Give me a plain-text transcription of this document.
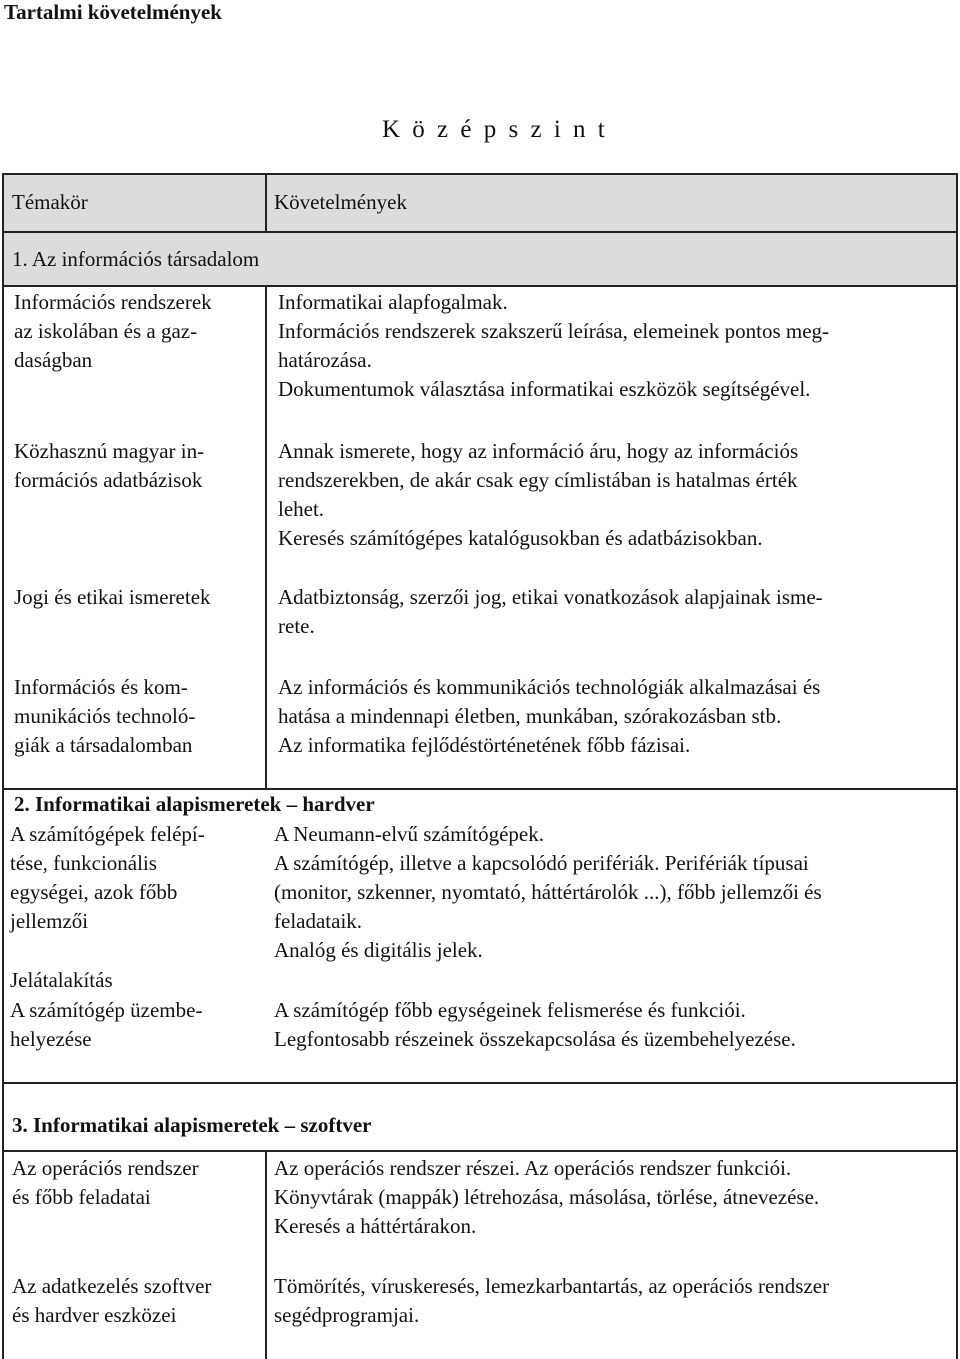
Tartalmi követelmények
K ö z é p s z i n t
Témakör	Követelmények
1. Az információs társadalom
Információs rendszerek
az iskolában és a gaz-
daságban
Informatikai alapfogalmak.
Információs rendszerek szakszerű leírása, elemeinek pontos meg-
határozása.
Dokumentumok választása informatikai eszközök segítségével.
Közhasznú magyar in-
formációs adatbázisok
Annak ismerete, hogy az információ áru, hogy az információs
rendszerekben, de akár csak egy címlistában is hatalmas érték
lehet.
Keresés számítógépes katalógusokban és adatbázisokban.
Jogi és etikai ismeretek	Adatbiztonság, szerzői jog, etikai vonatkozások alapjainak isme-
rete.
Információs és kom-
munikációs technoló-
giák a társadalomban
Az információs és kommunikációs technológiák alkalmazásai és
hatása a mindennapi életben, munkában, szórakozásban stb.
Az informatika fejlődéstörténetének főbb fázisai.
2. Informatikai alapismeretek – hardver
A számítógépek felépí-
tése, funkcionális
egységei, azok főbb
jellemzői
A Neumann-elvű számítógépek.
A számítógép, illetve a kapcsolódó perifériák. Perifériák típusai
(monitor, szkenner, nyomtató, háttértárolók ...), főbb jellemzői és
feladataik.
Analóg és digitális jelek.
Jelátalakítás
A számítógép üzembe-
helyezése
A számítógép főbb egységeinek felismerése és funkciói.
Legfontosabb részeinek összekapcsolása és üzembehelyezése.
3. Informatikai alapismeretek – szoftver
Az operációs rendszer
és főbb feladatai
Az operációs rendszer részei. Az operációs rendszer funkciói.
Könyvtárak (mappák) létrehozása, másolása, törlése, átnevezése.
Keresés a háttértárakon.
Az adatkezelés szoftver
és hardver eszközei
Tömörítés, víruskeresés, lemezkarbantartás, az operációs rendszer
segédprogramjai.
